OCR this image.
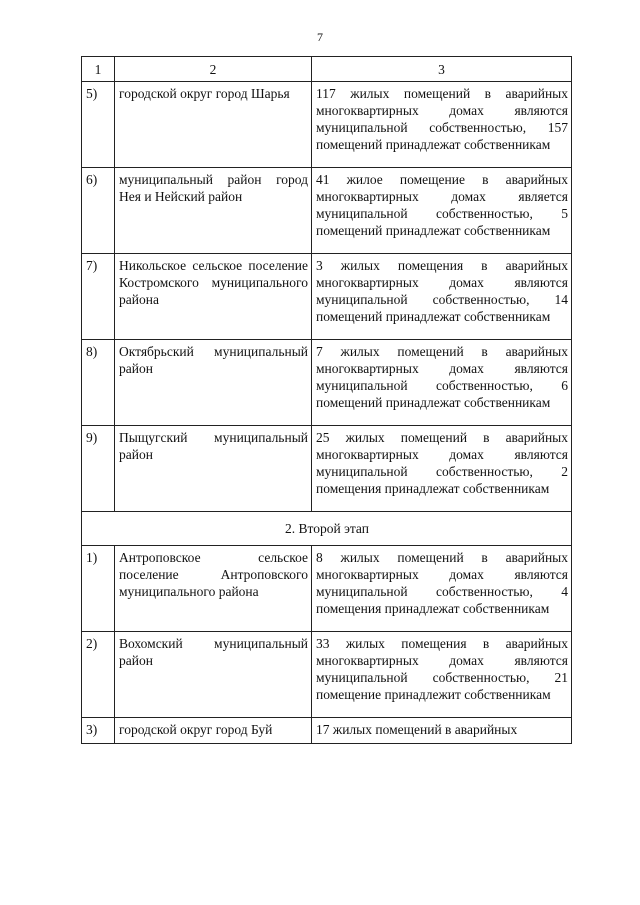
7
1	2	3
5)	городской округ город Шарья	117 жилых помещений в аварийных многоквартирных домах являются муниципальной собственностью, 157 помещений принадлежат собственникам
6)	муниципальный район город Нея и Нейский район	41 жилое помещение в аварийных многоквартирных домах является муниципальной собственностью, 5 помещений принадлежат собственникам
7)	Никольское сельское поселение Костромского муниципального района	3 жилых помещения в аварийных многоквартирных домах являются муниципальной собственностью, 14 помещений принадлежат собственникам
8)	Октябрьский муниципальный район	7 жилых помещений в аварийных многоквартирных домах являются муниципальной собственностью, 6 помещений принадлежат собственникам
9)	Пыщугский муниципальный район	25 жилых помещений в аварийных многоквартирных домах являются муниципальной собственностью, 2 помещения принадлежат собственникам
2. Второй этап		
1)	Антроповское сельское поселение Антроповского муниципального района	8 жилых помещений в аварийных многоквартирных домах являются муниципальной собственностью, 4 помещения принадлежат собственникам
2)	Вохомский муниципальный район	33 жилых помещения в аварийных многоквартирных домах являются муниципальной собственностью, 21 помещение принадлежит собственникам
3)	городской округ город Буй	17 жилых помещений в аварийных
